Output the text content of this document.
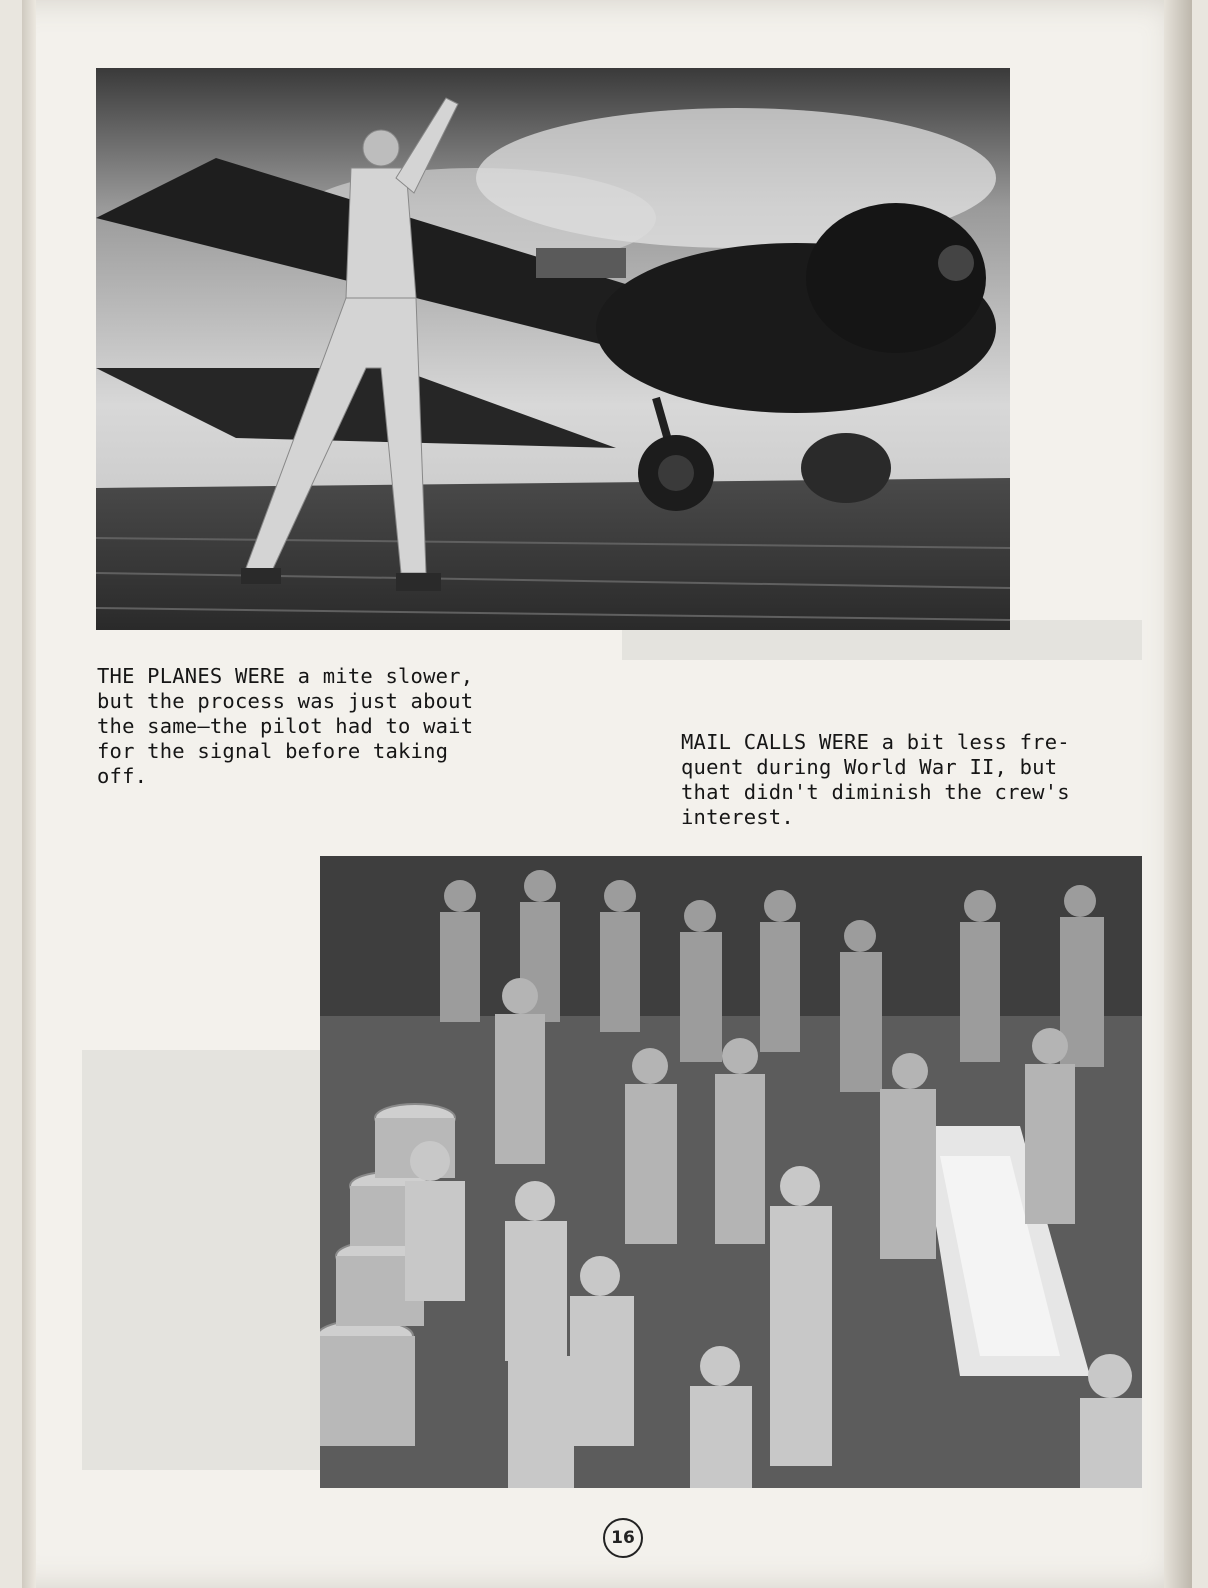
THE PLANES WERE a mite slower,
but the process was just about
the same—the pilot had to wait
for the signal before taking
off.

MAIL CALLS WERE a bit less fre-
quent during World War II, but
that didn't diminish the crew's
interest.

16
